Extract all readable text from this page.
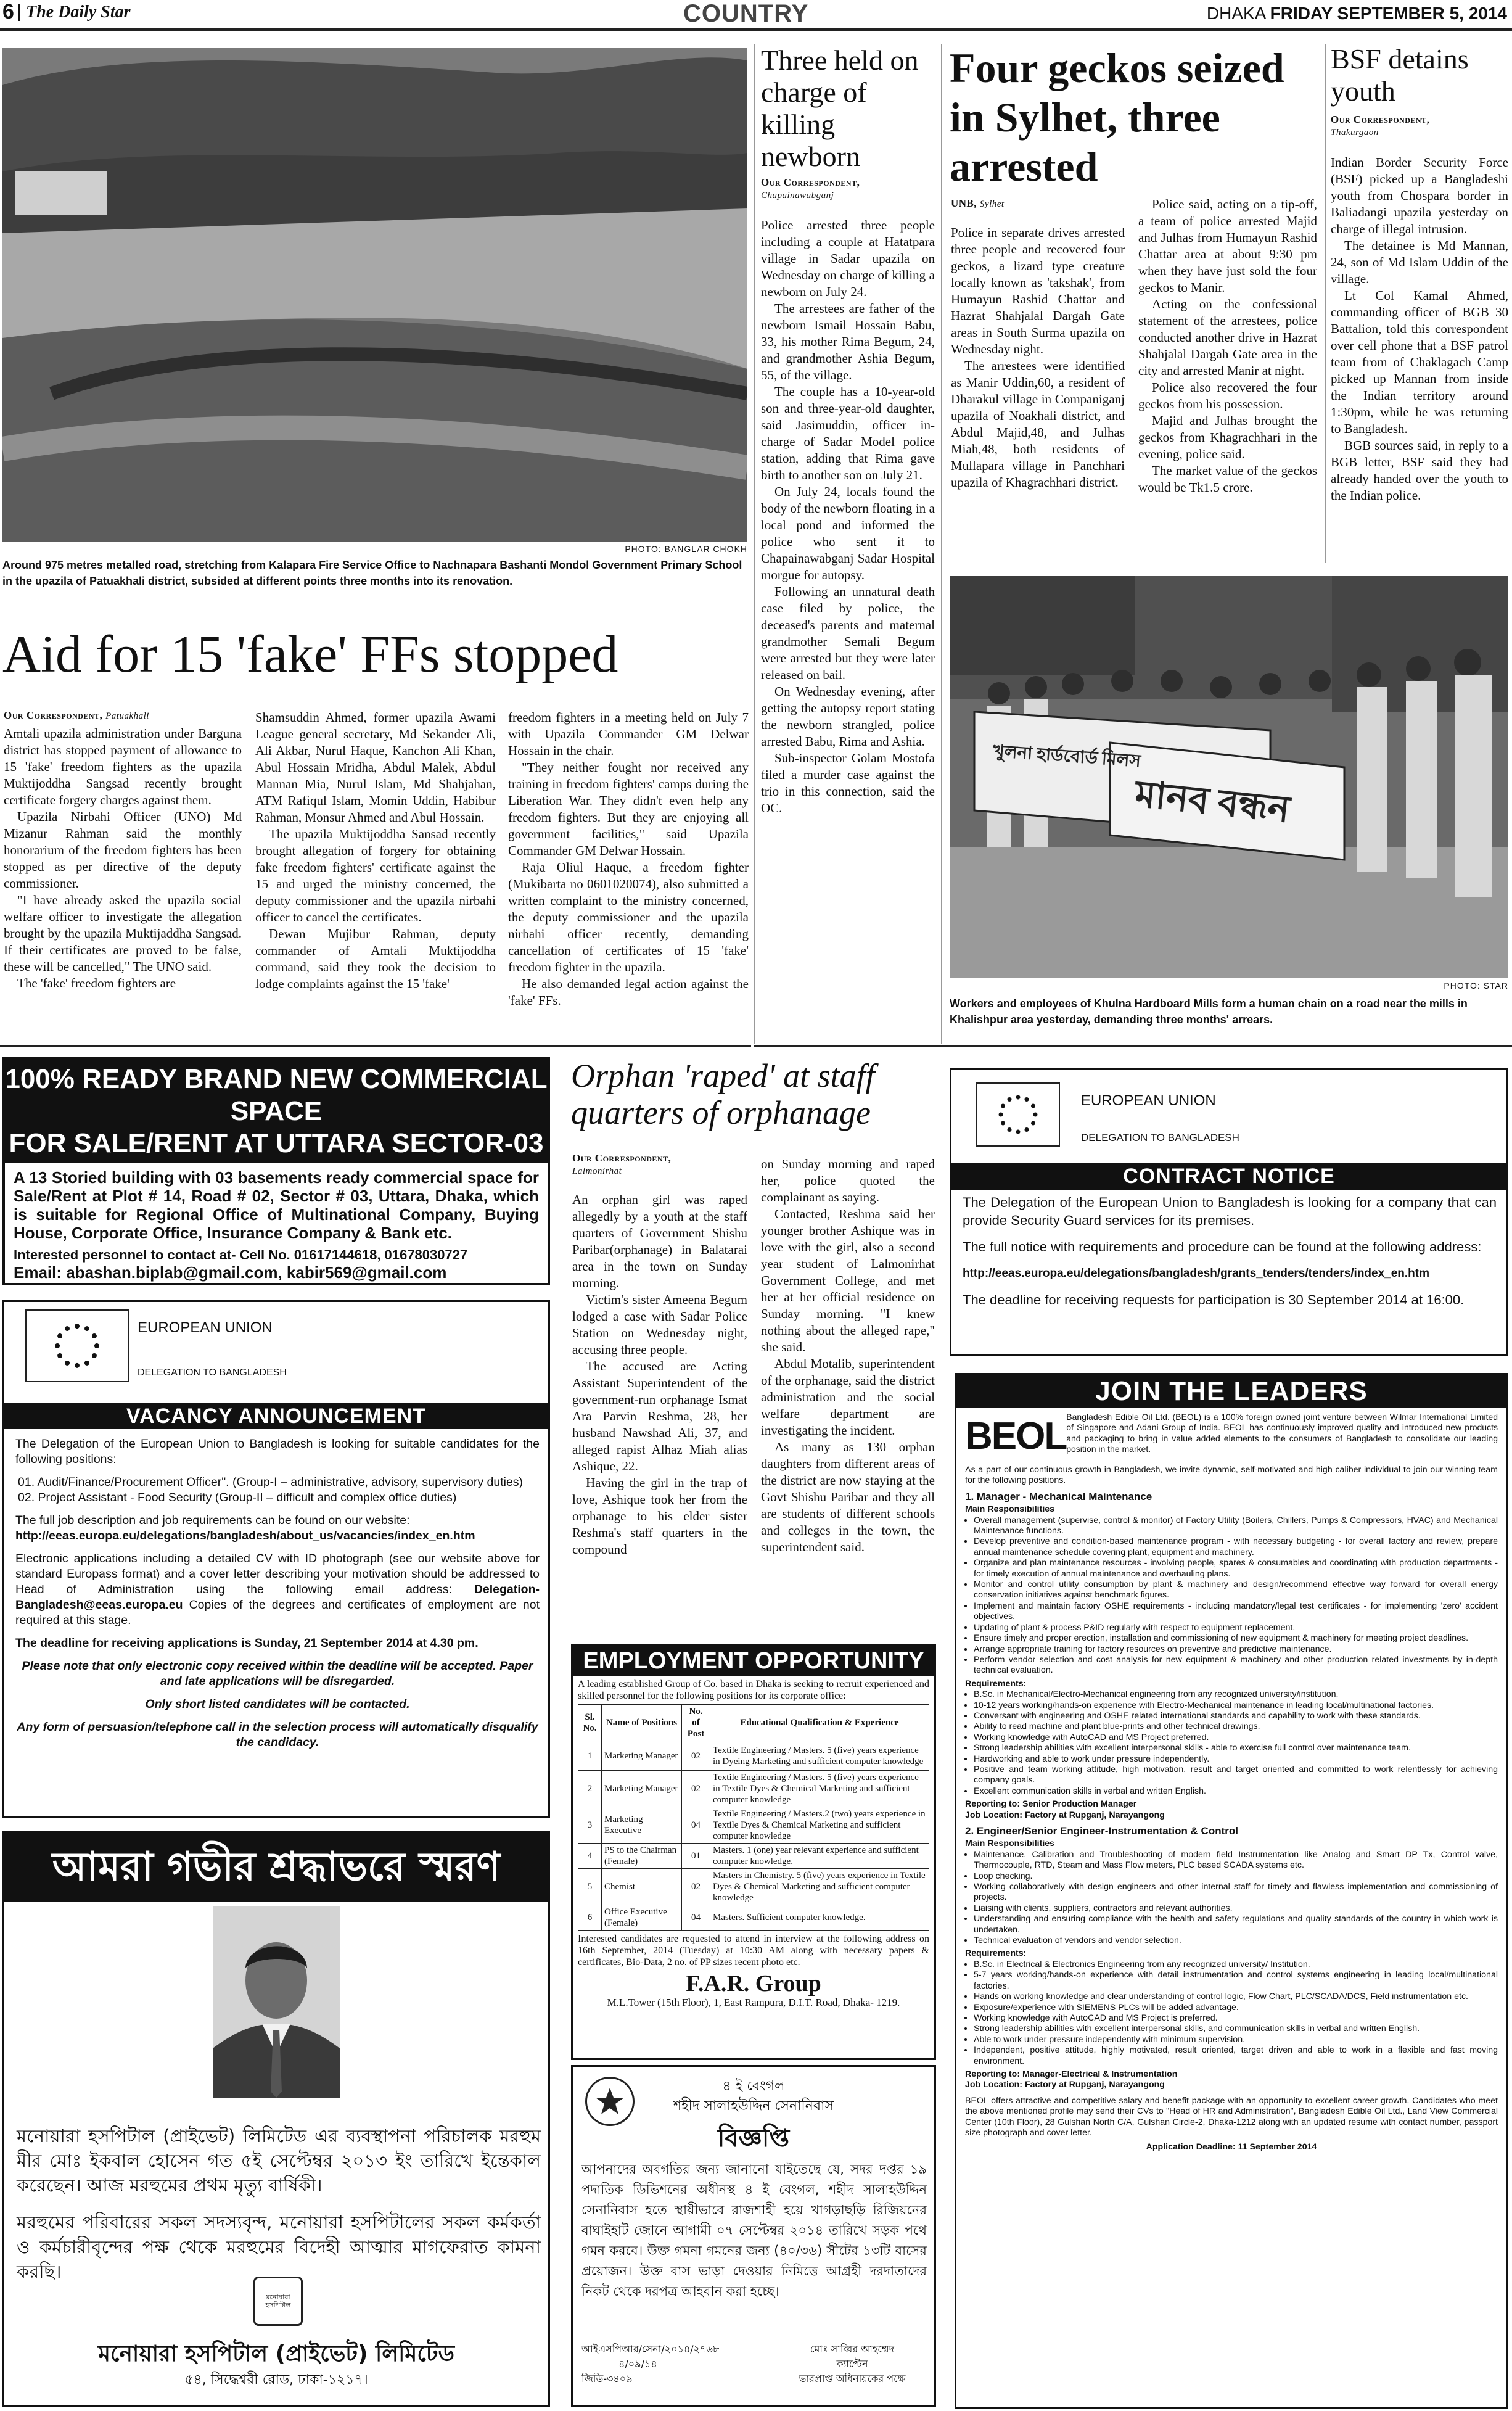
6 The Daily Star	COUNTRY	DHAKA FRIDAY SEPTEMBER 5, 2014
PHOTO: BANGLAR CHOKH
Around 975 metres metalled road, stretching from Kalapara Fire Service Office to Nachnapara Bashanti Mondol Government Primary School in the upazila of Patuakhali district, subsided at different points three months into its renovation.
Aid for 15 'fake' FFs stopped
Our Correspondent, Patuakhali

Amtali upazila administration under Barguna district has stopped payment of allowance to 15 'fake' freedom fighters as the upazila Muktijoddha Sangsad recently brought certificate forgery charges against them.

Upazila Nirbahi Officer (UNO) Md Mizanur Rahman said the monthly honorarium of the freedom fighters has been stopped as per directive of the deputy commissioner.

"I have already asked the upazila social welfare officer to investigate the allegation brought by the upazila Muktijaddha Sangsad. If their certificates are proved to be false, these will be cancelled," The UNO said.

The 'fake' freedom fighters are

Shamsuddin Ahmed, former upazila Awami League general secretary, Md Sekander Ali, Ali Akbar, Nurul Haque, Kanchon Ali Khan, Abul Hossain Mridha, Abdul Malek, Abdul Mannan Mia, Nurul Islam, Md Shahjahan, ATM Rafiqul Islam, Momin Uddin, Habibur Rahman, Monsur Ahmed and Abul Hossain.

The upazila Muktijoddha Sansad recently brought allegation of forgery for obtaining fake freedom fighters' certificate against the 15 and urged the ministry concerned, the deputy commissioner and the upazila nirbahi officer to cancel the certificates.

Dewan Mujibur Rahman, deputy commander of Amtali Muktijoddha command, said they took the decision to lodge complaints against the 15 'fake'

freedom fighters in a meeting held on July 7 with Upazila Commander GM Delwar Hossain in the chair.

"They neither fought nor received any training in freedom fighters' camps during the Liberation War. They didn't even help any freedom fighters. But they are enjoying all government facilities," said Upazila Commander GM Delwar Hossain.

Raja Oliul Haque, a freedom fighter (Mukibarta no 0601020074), also submitted a written complaint to the ministry concerned, the deputy commissioner and the upazila nirbahi officer recently, demanding cancellation of certificates of 15 'fake' freedom fighter in the upazila.

He also demanded legal action against the 'fake' FFs.

Three held on charge of killing newborn
Our Correspondent,
Chapainawabganj

Police arrested three people including a couple at Hatatpara village in Sadar upazila on Wednesday on charge of killing a newborn on July 24.

The arrestees are father of the newborn Ismail Hossain Babu, 33, his mother Rima Begum, 24, and grandmother Ashia Begum, 55, of the village.

The couple has a 10-year-old son and three-year-old daughter, said Jasimuddin, officer in-charge of Sadar Model police station, adding that Rima gave birth to another son on July 21.

On July 24, locals found the body of the newborn floating in a local pond and informed the police who sent it to Chapainawabganj Sadar Hospital morgue for autopsy.

Following an unnatural death case filed by police, the deceased's parents and maternal grandmother Semali Begum were arrested but they were later released on bail.

On Wednesday evening, after getting the autopsy report stating the newborn strangled, police arrested Babu, Rima and Ashia.

Sub-inspector Golam Mostofa filed a murder case against the trio in this connection, said the OC.

Four geckos seized in Sylhet, three arrested
UNB, Sylhet

Police in separate drives arrested three people and recovered four geckos, a lizard type creature locally known as 'takshak', from Humayun Rashid Chattar and Hazrat Shahjalal Dargah Gate areas in South Surma upazila on Wednesday night.

The arrestees were identified as Manir Uddin,60, a resident of Dharakul village in Companiganj upazila of Noakhali district, and Abdul Majid,48, and Julhas Miah,48, both residents of Mullapara village in Panchhari upazila of Khagrachhari district.

Police said, acting on a tip-off, a team of police arrested Majid and Julhas from Humayun Rashid Chattar area at about 9:30 pm when they have just sold the four geckos to Manir.

Acting on the confessional statement of the arrestees, police conducted another drive in Hazrat Shahjalal Dargah Gate area in the city and arrested Manir at night.

Police also recovered the four geckos from his possession.

Majid and Julhas brought the geckos from Khagrachhari in the evening, police said.

The market value of the geckos would be Tk1.5 crore.

BSF detains youth
Our Correspondent,
Thakurgaon

Indian Border Security Force (BSF) picked up a Bangladeshi youth from Chospara border in Baliadangi upazila yesterday on charge of illegal intrusion.

The detainee is Md Mannan, 24, son of Md Islam Uddin of the village.

Lt Col Kamal Ahmed, commanding officer of BGB 30 Battalion, told this correspondent over cell phone that a BSF patrol team from of Chaklagach Camp picked up Mannan from inside the Indian territory around 1:30pm, while he was returning to Bangladesh.

BGB sources said, in reply to a BGB letter, BSF said they had already handed over the youth to the Indian police.

মানব বন্ধন
খুলনা হার্ডবোর্ড মিলস
PHOTO: STAR
Workers and employees of Khulna Hardboard Mills form a human chain on a road near the mills in Khalishpur area yesterday, demanding three months' arrears.
100% READY BRAND NEW COMMERCIAL SPACE
FOR SALE/RENT AT UTTARA SECTOR-03
A 13 Storied building with 03 basements ready commercial space for Sale/Rent at Plot # 14, Road # 02, Sector # 03, Uttara, Dhaka, which is suitable for Regional Office of Multinational Company, Buying House, Corporate Office, Insurance Company & Bank etc.
Interested personnel to contact at- Cell No. 01617144618, 01678030727
Email: abashan.biplab@gmail.com, kabir569@gmail.com
EUROPEAN UNION
DELEGATION TO BANGLADESH
VACANCY ANNOUNCEMENT
The Delegation of the European Union to Bangladesh is looking for suitable candidates for the following positions:
01. Audit/Finance/Procurement Officer". (Group-I – administrative, advisory, supervisory duties)
02. Project Assistant - Food Security (Group-II – difficult and complex office duties)
The full job description and job requirements can be found on our website:
http://eeas.europa.eu/delegations/bangladesh/about_us/vacancies/index_en.htm
Electronic applications including a detailed CV with ID photograph (see our website above for standard Europass format) and a cover letter describing your motivation should be addressed to Head of Administration using the following email address: Delegation-Bangladesh@eeas.europa.eu Copies of the degrees and certificates of employment are not required at this stage.
The deadline for receiving applications is Sunday, 21 September 2014 at 4.30 pm.
Please note that only electronic copy received within the deadline will be accepted. Paper and late applications will be disregarded.
Only short listed candidates will be contacted.
Any form of persuasion/telephone call in the selection process will automatically disqualify the candidacy.
আমরা গভীর শ্রদ্ধাভরে স্মরণ
মনোয়ারা হসপিটাল (প্রাইভেট) লিমিটেড এর ব্যবস্থাপনা পরিচালক মরহুম মীর মোঃ ইকবাল হোসেন গত ৫ই সেপ্টেম্বর ২০১৩ ইং তারিখে ইন্তেকাল করেছেন। আজ মরহুমের প্রথম মৃত্যু বার্ষিকী।
মরহুমের পরিবারের সকল সদস্যবৃন্দ, মনোয়ারা হসপিটালের সকল কর্মকর্তা ও কর্মচারীবৃন্দের পক্ষ থেকে মরহুমের বিদেহী আত্মার মাগফেরাত কামনা করছি।
মনোয়ারা হসপিটাল
মনোয়ারা হসপিটাল (প্রাইভেট) লিমিটেড
৫৪, সিদ্ধেশ্বরী রোড, ঢাকা-১২১৭।
Orphan 'raped' at staff quarters of orphanage
Our Correspondent,
Lalmonirhat

An orphan girl was raped allegedly by a youth at the staff quarters of Government Shishu Paribar(orphanage) in Balatarai area in the town on Sunday morning.

Victim's sister Ameena Begum lodged a case with Sadar Police Station on Wednesday night, accusing three people.

The accused are Acting Assistant Superintendent of the government-run orphanage Ismat Ara Parvin Reshma, 28, her husband Nawshad Ali, 37, and alleged rapist Alhaz Miah alias Ashique, 22.

Having the girl in the trap of love, Ashique took her from the orphanage to his elder sister Reshma's staff quarters in the compound

on Sunday morning and raped her, police quoted the complainant as saying.

Contacted, Reshma said her younger brother Ashique was in love with the girl, also a second year student of Lalmonirhat Government College, and met her at her official residence on Sunday morning. "I knew nothing about the alleged rape," she said.

Abdul Motalib, superintendent of the orphanage, said the district administration and the social welfare department are investigating the incident.

As many as 130 orphan daughters from different areas of the district are now staying at the Govt Shishu Paribar and they all are students of different schools and colleges in the town, the superintendent said.

EMPLOYMENT OPPORTUNITY
A leading established Group of Co. based in Dhaka is seeking to recruit experienced and skilled personnel for the following positions for its corporate office:
Sl. No.	Name of Positions	No. of Post	Educational Qualification & Experience
1	Marketing Manager	02	Textile Engineering / Masters. 5 (five) years experience in Dyeing Marketing and sufficient computer knowledge
2	Marketing Manager	02	Textile Engineering / Masters. 5 (five) years experience in Textile Dyes & Chemical Marketing and sufficient computer knowledge
3	Marketing Executive	04	Textile Engineering / Masters.2 (two) years experience in Textile Dyes & Chemical Marketing and sufficient computer knowledge
4	PS to the Chairman (Female)	01	Masters. 1 (one) year relevant experience and sufficient computer knowledge.
5	Chemist	02	Masters in Chemistry. 5 (five) years experience in Textile Dyes & Chemical Marketing and sufficient computer knowledge
6	Office Executive (Female)	04	Masters. Sufficient computer knowledge.
Interested candidates are requested to attend in interview at the following address on 16th September, 2014 (Tuesday) at 10:30 AM along with necessary papers & certificates, Bio-Data, 2 no. of PP sizes recent photo etc.
F.A.R. Group
M.L.Tower (15th Floor), 1, East Rampura, D.I.T. Road, Dhaka- 1219.
৪ ই বেংগল
শহীদ সালাহউদ্দিন সেনানিবাস
বিজ্ঞপ্তি
আপনাদের অবগতির জন্য জানানো যাইতেছে যে, সদর দপ্তর ১৯ পদাতিক ডিভিশনের অধীনস্থ ৪ ই বেংগল, শহীদ সালাহউদ্দিন সেনানিবাস হতে স্থায়ীভাবে রাজশাহী হয়ে খাগড়াছড়ি রিজিয়নের বাঘাইহাট জোনে আগামী ০৭ সেপ্টেম্বর ২০১৪ তারিখে সড়ক পথে গমন করবে। উক্ত গমনা গমনের জন্য (৪০/৩৬) সীটের ১৩টি বাসের প্রয়োজন। উক্ত বাস ভাড়া দেওয়ার নিমিত্তে আগ্রহী দরদাতাদের নিকট থেকে দরপত্র আহবান করা হচ্ছে।
আইএসপিআর/সেনা/২০১৪/২৭৬৮
৪/০৯/১৪
জিডি-৩৪০৯
মোঃ সাব্বির আহম্মেদ
ক্যাপ্টেন
ভারপ্রাপ্ত অধিনায়কের পক্ষে
EUROPEAN UNION
DELEGATION TO BANGLADESH
CONTRACT NOTICE
The Delegation of the European Union to Bangladesh is looking for a company that can provide Security Guard services for its premises.
The full notice with requirements and procedure can be found at the following address:
http://eeas.europa.eu/delegations/bangladesh/grants_tenders/tenders/index_en.htm
The deadline for receiving requests for participation is 30 September 2014 at 16:00.
JOIN THE LEADERS
BEOL Bangladesh Edible Oil Ltd. (BEOL) is a 100% foreign owned joint venture between Wilmar International Limited of Singapore and Adani Group of India. BEOL has continuously improved quality and introduced new products and packaging to bring in value added elements to the consumers of Bangladesh to consolidate our leading position in the market.
As a part of our continuous growth in Bangladesh, we invite dynamic, self-motivated and high caliber individual to join our winning team for the following positions.
1. Manager - Mechanical Maintenance
Main Responsibilities
• Overall management (supervise, control & monitor) of Factory Utility (Boilers, Chillers, Pumps & Compressors, HVAC) and Mechanical Maintenance functions.
• Develop preventive and condition-based maintenance program - with necessary budgeting - for overall factory and review, prepare annual maintenance schedule covering plant, equipment and machinery.
• Organize and plan maintenance resources - involving people, spares & consumables and coordinating with production departments - for timely execution of annual maintenance and overhauling plans.
• Monitor and control utility consumption by plant & machinery and design/recommend effective way forward for overall energy conservation initiatives against benchmark figures.
• Implement and maintain factory OSHE requirements - including mandatory/legal test certificates - for implementing 'zero' accident objectives.
• Updating of plant & process P&ID regularly with respect to equipment replacement.
• Ensure timely and proper erection, installation and commissioning of new equipment & machinery for meeting project deadlines.
• Arrange appropriate training for factory resources on preventive and predictive maintenance.
• Perform vendor selection and cost analysis for new equipment & machinery and other production related investments by in-depth technical evaluation.
Requirements:
• B.Sc. in Mechanical/Electro-Mechanical engineering from any recognized university/institution.
• 10-12 years working/hands-on experience with Electro-Mechanical maintenance in leading local/multinational factories.
• Conversant with engineering and OSHE related international standards and capability to work with these standards.
• Ability to read machine and plant blue-prints and other technical drawings.
• Working knowledge with AutoCAD and MS Project preferred.
• Strong leadership abilities with excellent interpersonal skills - able to exercise full control over maintenance team.
• Hardworking and able to work under pressure independently.
• Positive and team working attitude, high motivation, result and target oriented and committed to work relentlessly for achieving company goals.
• Excellent communication skills in verbal and written English.
Reporting to: Senior Production Manager
Job Location: Factory at Rupganj, Narayangong
2. Engineer/Senior Engineer-Instrumentation & Control
Main Responsibilities
• Maintenance, Calibration and Troubleshooting of modern field Instrumentation like Analog and Smart DP Tx, Control valve, Thermocouple, RTD, Steam and Mass Flow meters, PLC based SCADA systems etc.
• Loop checking.
• Working collaboratively with design engineers and other internal staff for timely and flawless implementation and commissioning of projects.
• Liaising with clients, suppliers, contractors and relevant authorities.
• Understanding and ensuring compliance with the health and safety regulations and quality standards of the country in which work is undertaken.
• Technical evaluation of vendors and vendor selection.
Requirements:
• B.Sc. in Electrical & Electronics Engineering from any recognized university/ Institution.
• 5-7 years working/hands-on experience with detail instrumentation and control systems engineering in leading local/multinational factories.
• Hands on working knowledge and clear understanding of control logic, Flow Chart, PLC/SCADA/DCS, Field instrumentation etc.
• Exposure/experience with SIEMENS PLCs will be added advantage.
• Working knowledge with AutoCAD and MS Project is preferred.
• Strong leadership abilities with excellent interpersonal skills, and communication skills in verbal and written English.
• Able to work under pressure independently with minimum supervision.
• Independent, positive attitude, highly motivated, result oriented, target driven and able to work in a flexible and fast moving environment.
Reporting to: Manager-Electrical & Instrumentation
Job Location: Factory at Rupganj, Narayangong
BEOL offers attractive and competitive salary and benefit package with an opportunity to excellent career growth. Candidates who meet the above mentioned profile may send their CVs to "Head of HR and Administration", Bangladesh Edible Oil Ltd., Land View Commercial Center (10th Floor), 28 Gulshan North C/A, Gulshan Circle-2, Dhaka-1212 along with an updated resume with contact number, passport size photograph and cover letter.
Application Deadline: 11 September 2014
